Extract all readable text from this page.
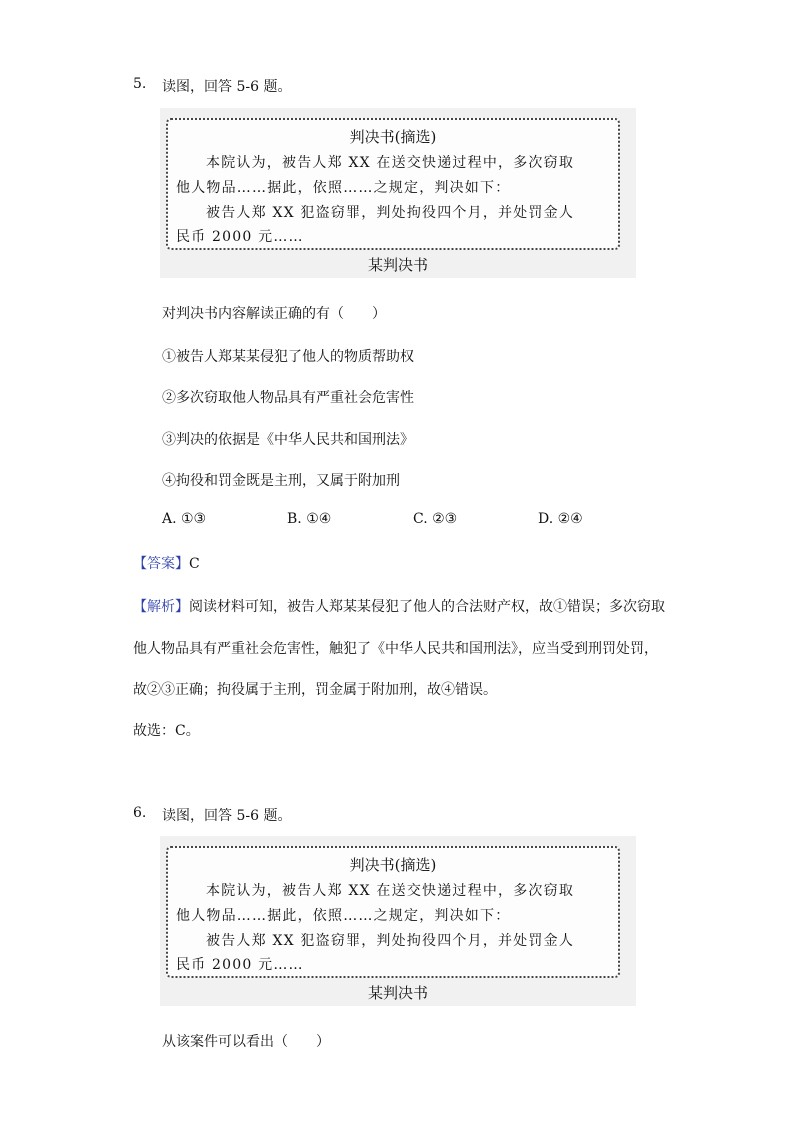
5. 读图，回答 5-6 题。
判决书(摘选)
本院认为，被告人郑 XX 在送交快递过程中，多次窃取
他人物品……据此，依照……之规定，判决如下：
被告人郑 XX 犯盗窃罪，判处拘役四个月，并处罚金人
民币 2000 元……
某判决书
对判决书内容解读正确的有（　　）
①被告人郑某某侵犯了他人的物质帮助权
②多次窃取他人物品具有严重社会危害性
③判决的依据是《中华人民共和国刑法》
④拘役和罚金既是主刑，又属于附加刑
A. ①③	B. ①④	C. ②③	D. ②④
【答案】C
【解析】阅读材料可知，被告人郑某某侵犯了他人的合法财产权，故①错误；多次窃取
他人物品具有严重社会危害性，触犯了《中华人民共和国刑法》，应当受到刑罚处罚，
故②③正确；拘役属于主刑，罚金属于附加刑，故④错误。
故选：C。
6. 读图，回答 5-6 题。
判决书(摘选)
本院认为，被告人郑 XX 在送交快递过程中，多次窃取
他人物品……据此，依照……之规定，判决如下：
被告人郑 XX 犯盗窃罪，判处拘役四个月，并处罚金人
民币 2000 元……
某判决书
从该案件可以看出（　　）
